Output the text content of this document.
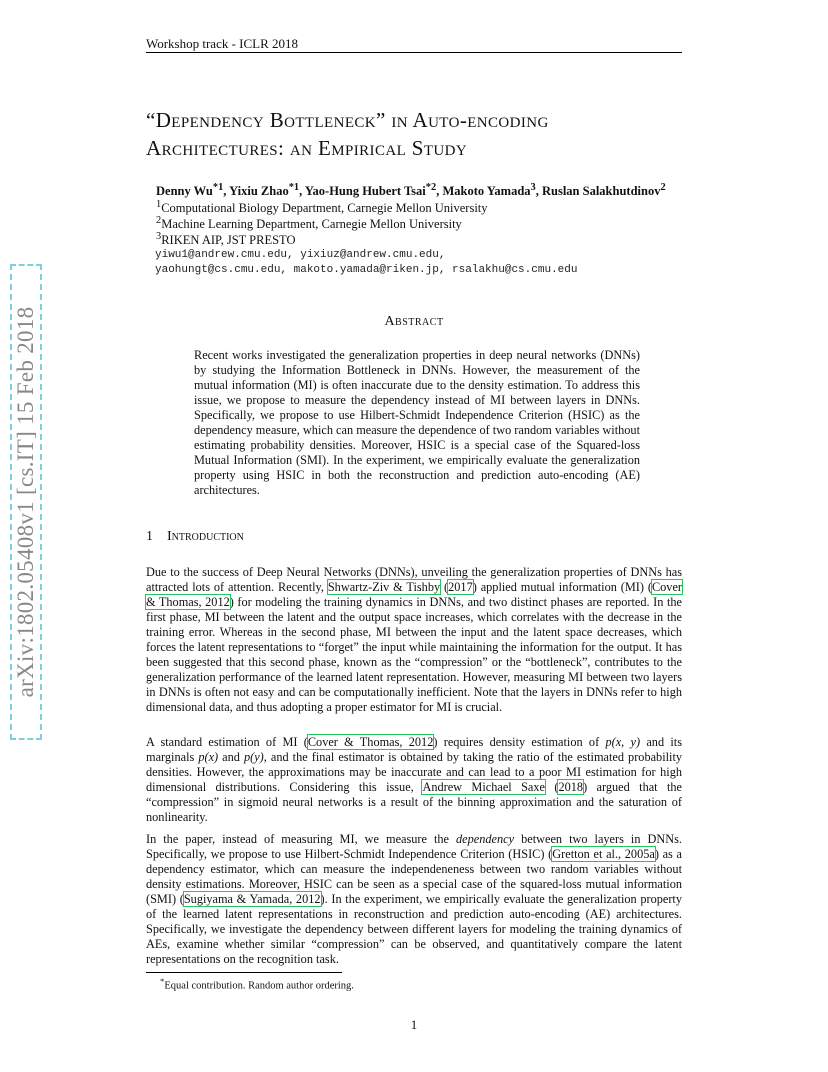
arXiv:1802.05408v1 [cs.IT] 15 Feb 2018
Workshop track - ICLR 2018
“Dependency Bottleneck” in Auto-encoding
Architectures: an Empirical Study
Denny Wu$^{*1}$, Yixiu Zhao$^{*1}$, Yao-Hung Hubert Tsai$^{*2}$, Makoto Yamada$^3$, Ruslan Salakhutdinov$^2$
$^1$Computational Biology Department, Carnegie Mellon University
$^2$Machine Learning Department, Carnegie Mellon University
$^3$RIKEN AIP, JST PRESTO
yiwu1@andrew.cmu.edu, yixiuz@andrew.cmu.edu,
yaohungt@cs.cmu.edu, makoto.yamada@riken.jp, rsalakhu@cs.cmu.edu
Abstract
Recent works investigated the generalization properties in deep neural networks (DNNs) by studying the Information Bottleneck in DNNs. However, the measurement of the mutual information (MI) is often inaccurate due to the density estimation. To address this issue, we propose to measure the dependency instead of MI between layers in DNNs. Specifically, we propose to use Hilbert-Schmidt Independence Criterion (HSIC) as the dependency measure, which can measure the dependence of two random variables without estimating probability densities. Moreover, HSIC is a special case of the Squared-loss Mutual Information (SMI). In the experiment, we empirically evaluate the generalization property using HSIC in both the reconstruction and prediction auto-encoding (AE) architectures.
1 Introduction
Due to the success of Deep Neural Networks (DNNs), unveiling the generalization properties of DNNs has attracted lots of attention. Recently, Shwartz-Ziv & Tishby (2017) applied mutual information (MI) (Cover & Thomas, 2012) for modeling the training dynamics in DNNs, and two distinct phases are reported. In the first phase, MI between the latent and the output space increases, which correlates with the decrease in the training error. Whereas in the second phase, MI between the input and the latent space decreases, which forces the latent representations to “forget” the input while maintaining the information for the output. It has been suggested that this second phase, known as the “compression” or the “bottleneck”, contributes to the generalization performance of the learned latent representation. However, measuring MI between two layers in DNNs is often not easy and can be computationally inefficient. Note that the layers in DNNs refer to high dimensional data, and thus adopting a proper estimator for MI is crucial.
A standard estimation of MI (Cover & Thomas, 2012) requires density estimation of p(x, y) and its marginals p(x) and p(y), and the final estimator is obtained by taking the ratio of the estimated probability densities. However, the approximations may be inaccurate and can lead to a poor MI estimation for high dimensional distributions. Considering this issue, Andrew Michael Saxe (2018) argued that the “compression” in sigmoid neural networks is a result of the binning approximation and the saturation of nonlinearity.
In the paper, instead of measuring MI, we measure the dependency between two layers in DNNs. Specifically, we propose to use Hilbert-Schmidt Independence Criterion (HSIC) (Gretton et al., 2005a) as a dependency estimator, which can measure the independeneness between two random variables without density estimations. Moreover, HSIC can be seen as a special case of the squared-loss mutual information (SMI) (Sugiyama & Yamada, 2012). In the experiment, we empirically evaluate the generalization property of the learned latent representations in reconstruction and prediction auto-encoding (AE) architectures. Specifically, we investigate the dependency between different layers for modeling the training dynamics of AEs, examine whether similar “compression” can be observed, and quantitatively compare the latent representations on the recognition task.
*Equal contribution. Random author ordering.
1
